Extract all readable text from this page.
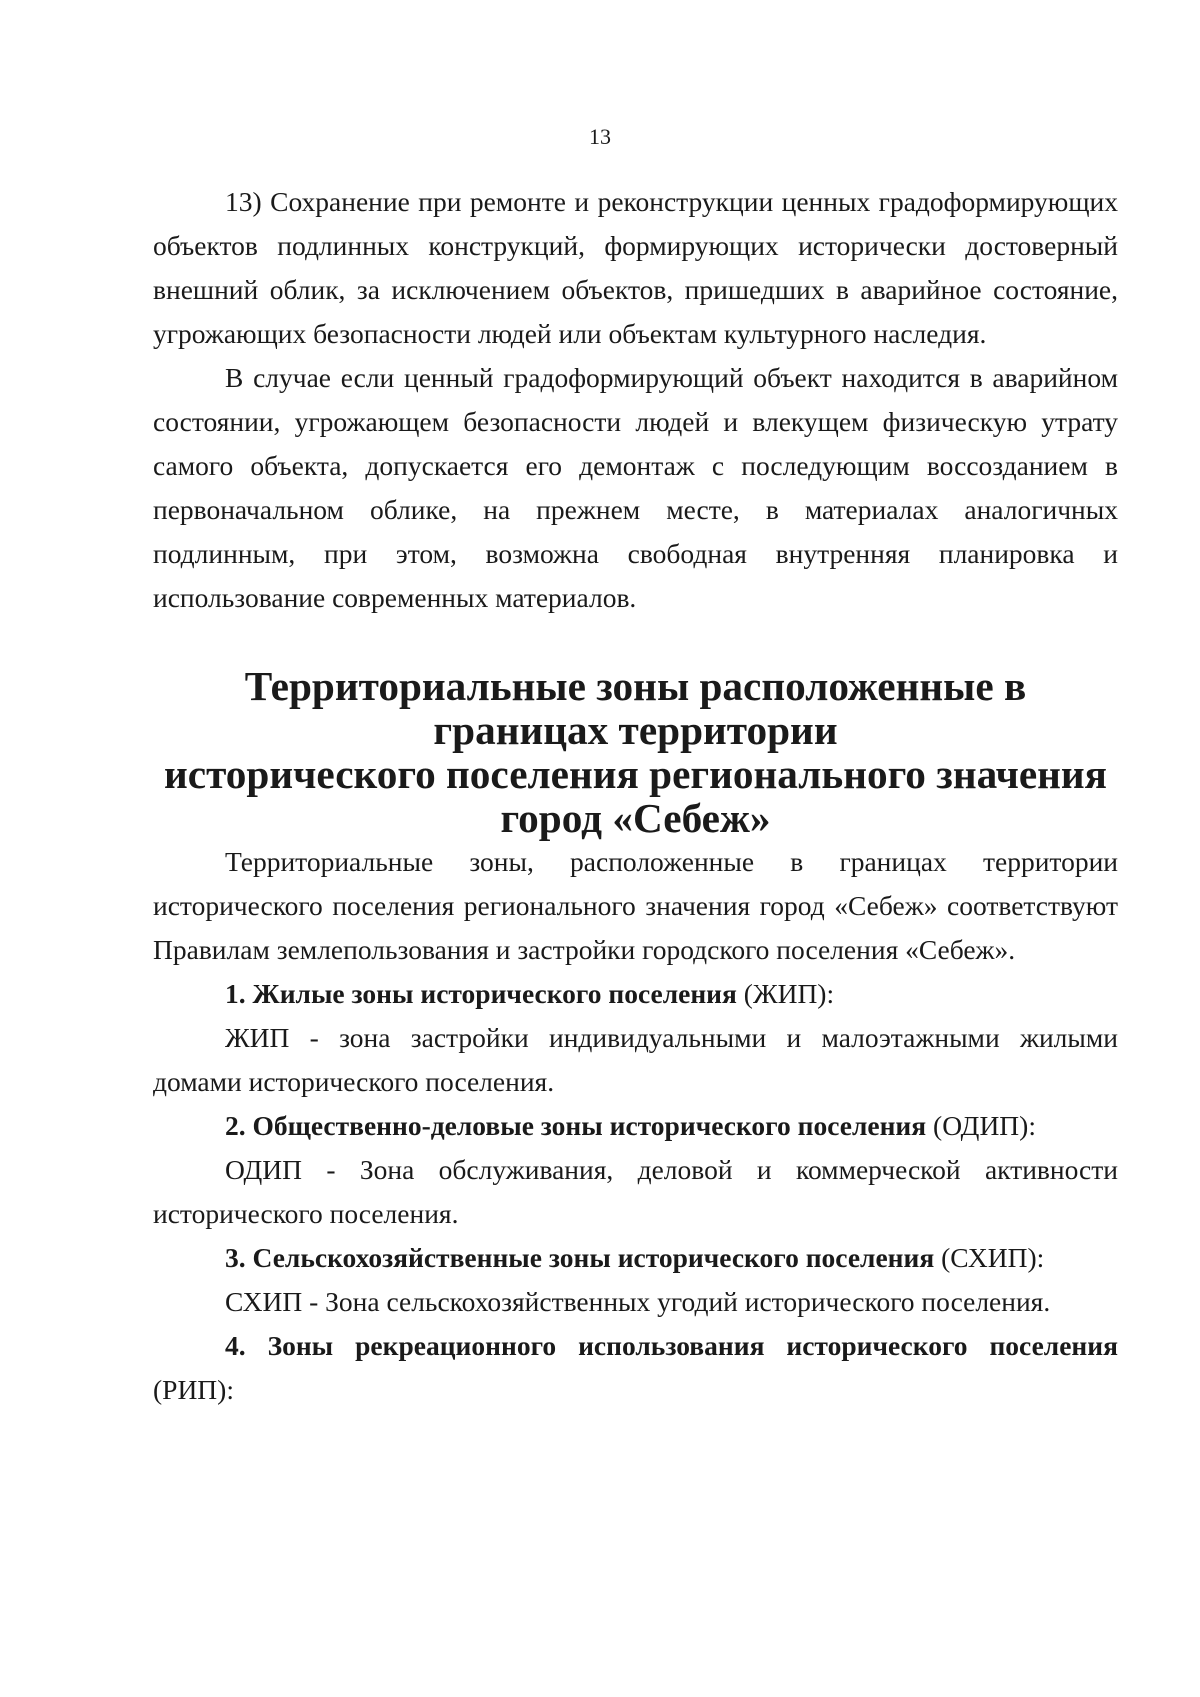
13

13) Сохранение при ремонте и реконструкции ценных градоформирующих объектов подлинных конструкций, формирующих исторически достоверный внешний облик, за исключением объектов, пришедших в аварийное состояние, угрожающих безопасности людей или объектам культурного наследия.

В случае если ценный градоформирующий объект находится в аварийном состоянии, угрожающем безопасности людей и влекущем физическую утрату самого объекта, допускается его демонтаж с последующим воссозданием в первоначальном облике, на прежнем месте, в материалах аналогичных подлинным, при этом, возможна свободная внутренняя планировка и использование современных материалов.

Территориальные зоны расположенные в границах территории
исторического поселения регионального значения город «Себеж»

Территориальные зоны, расположенные в границах территории исторического поселения регионального значения город «Себеж» соответствуют Правилам землепользования и застройки городского поселения «Себеж».

1. Жилые зоны исторического поселения (ЖИП):

ЖИП - зона застройки индивидуальными и малоэтажными жилыми домами исторического поселения.

2. Общественно-деловые зоны исторического поселения (ОДИП):

ОДИП - Зона обслуживания, деловой и коммерческой активности исторического поселения.

3. Сельскохозяйственные зоны исторического поселения (СХИП):

СХИП - Зона сельскохозяйственных угодий исторического поселения.

4. Зоны рекреационного использования исторического поселения (РИП):
